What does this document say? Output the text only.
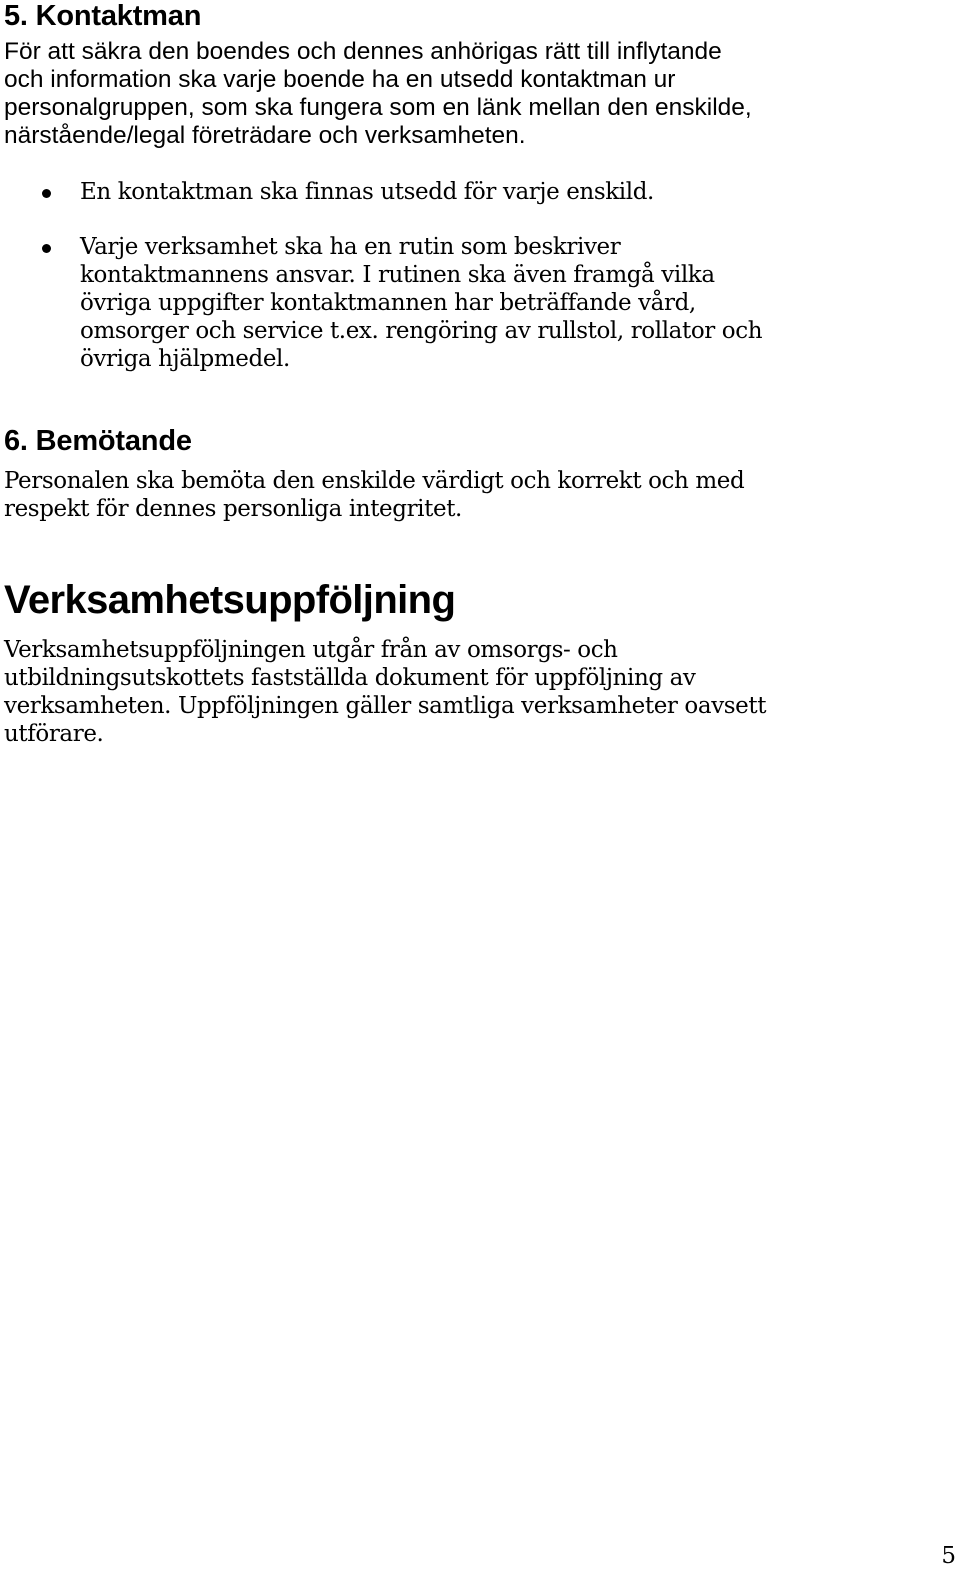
5. Kontaktman

För att säkra den boendes och dennes anhörigas rätt till inflytande
och information ska varje boende ha en utsedd kontaktman ur
personalgruppen, som ska fungera som en länk mellan den enskilde,
närstående/legal företrädare och verksamheten.

En kontaktman ska finnas utsedd för varje enskild.
Varje verksamhet ska ha en rutin som beskriver
kontaktmannens ansvar. I rutinen ska även framgå vilka
övriga uppgifter kontaktmannen har beträffande vård,
omsorger och service t.ex. rengöring av rullstol, rollator och
övriga hjälpmedel.
6. Bemötande

Personalen ska bemöta den enskilde värdigt och korrekt och med
respekt för dennes personliga integritet.

Verksamhetsuppföljning

Verksamhetsuppföljningen utgår från av omsorgs- och
utbildningsutskottets fastställda dokument för uppföljning av
verksamheten. Uppföljningen gäller samtliga verksamheter oavsett
utförare.

5
